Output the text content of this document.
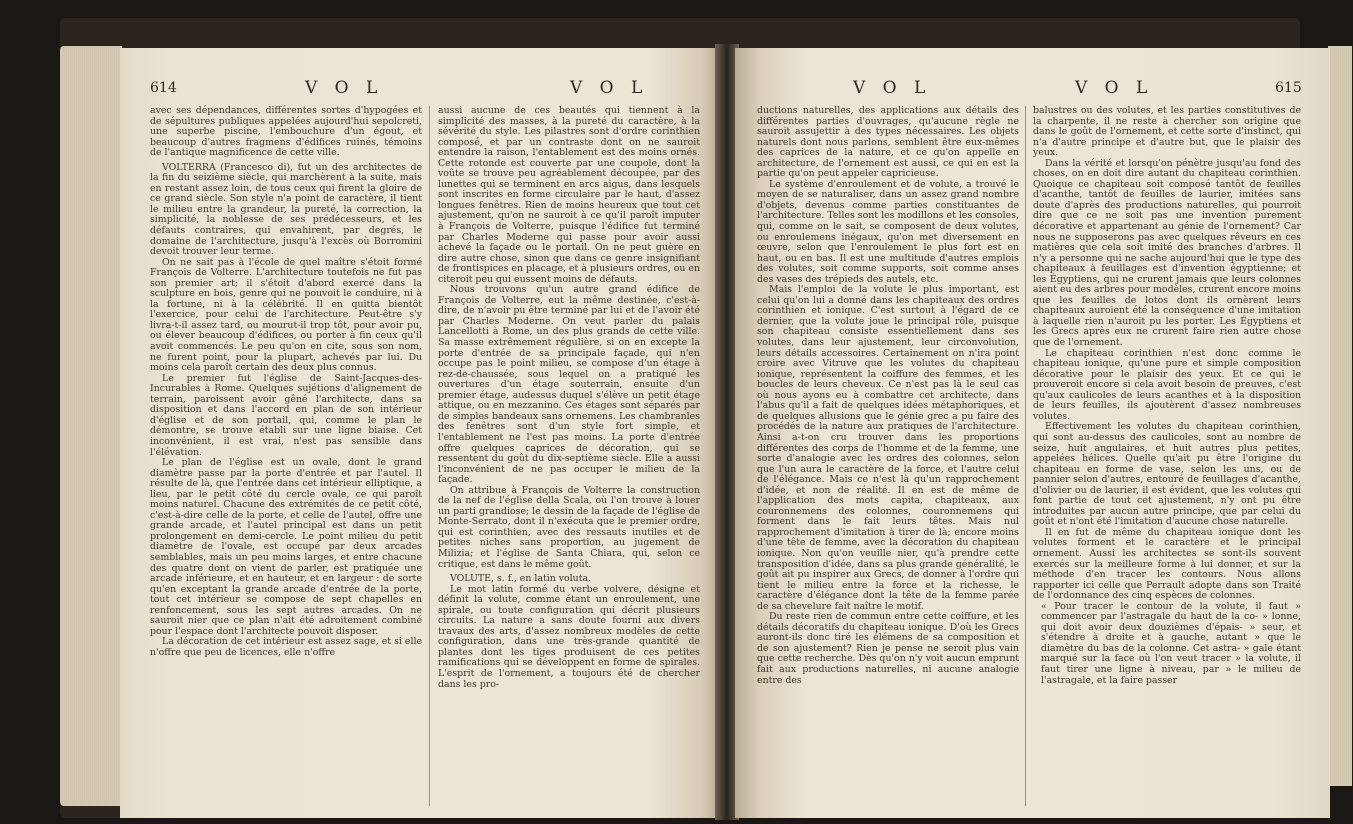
614	V O L	V O L

avec ses dépendances, différentes sortes d'hypogées et de sépultures publiques appelées aujourd'hui sepolcreti, une superbe piscine, l'embouchure d'un égout, et beaucoup d'autres fragmens d'édifices ruinés, témoins de l'antique magnificence de cette ville.

VOLTERRA (Francesco di), fut un des architectes de la fin du seizième siècle, qui marchèrent à la suite, mais en restant assez loin, de tous ceux qui firent la gloire de ce grand siècle. Son style n'a point de caractère, il tient le milieu entre la grandeur, la pureté, la correction, la simplicité, la noblesse de ses prédécesseurs, et les défauts contraires, qui envahirent, par degrés, le domaine de l'architecture, jusqu'à l'excès où Borromini devoit trouver leur terme.

On ne sait pas à l'école de quel maître s'étoit formé François de Volterre. L'architecture toutefois ne fut pas son premier art; il s'étoit d'abord exercé dans la sculpture en bois, genre qui ne pouvoit le conduire, ni à la fortune, ni à la célébrité. Il en quitta bientôt l'exercice, pour celui de l'architecture. Peut-être s'y livra-t-il assez tard, ou mourut-il trop tôt, pour avoir pu, ou élever beaucoup d'édifices, ou porter à fin ceux qu'il avoit commencés. Le peu qu'on en cite, sous son nom, ne furent point, pour la plupart, achevés par lui. Du moins cela paroît certain des deux plus connus.

Le premier fut l'église de Saint-Jacques-des-Incurables à Rome. Quelques sujétions d'alignement de terrain, paroissent avoir gêné l'architecte, dans sa disposition et dans l'accord en plan de son intérieur d'église et de son portail, qui, comme le plan le démontre, se trouve établi sur une ligne biaise. Cet inconvénient, il est vrai, n'est pas sensible dans l'élévation.

Le plan de l'église est un ovale, dont le grand diamètre passe par la porte d'entrée et par l'autel. Il résulte de là, que l'entrée dans cet intérieur elliptique, a lieu, par le petit côté du cercle ovale, ce qui paroît moins naturel. Chacune des extrémités de ce petit côté, c'est-à-dire celle de la porte, et celle de l'autel, offre une grande arcade, et l'autel principal est dans un petit prolongement en demi-cercle. Le point milieu du petit diamètre de l'ovale, est occupé par deux arcades semblables, mais un peu moins larges, et entre chacune des quatre dont on vient de parler, est pratiquée une arcade inférieure, et en hauteur, et en largeur : de sorte qu'en exceptant la grande arcade d'entrée de la porte, tout cet intérieur se compose de sept chapelles en renfoncement, sous les sept autres arcades. On ne sauroit nier que ce plan n'ait été adroitement combiné pour l'espace dont l'architecte pouvoit disposer.

La décoration de cet intérieur est assez sage, et si elle n'offre que peu de licences, elle n'offre

aussi aucune de ces beautés qui tiennent à la simplicité des masses, à la pureté du caractère, à la sévérité du style. Les pilastres sont d'ordre corinthien composé, et par un contraste dont on ne sauroit entendre la raison, l'entablement est des moins ornés. Cette rotonde est couverte par une coupole, dont la voûte se trouve peu agréablement découpée, par des lunettes qui se terminent en arcs aigus, dans lesquels sont inscrites en forme circulaire par le haut, d'assez longues fenêtres. Rien de moins heureux que tout cet ajustement, qu'on ne sauroit à ce qu'il paroît imputer à François de Volterre, puisque l'édifice fut terminé par Charles Moderne qui passe pour avoir aussi achevé la façade ou le portail. On ne peut guère en dire autre chose, sinon que dans ce genre insignifiant de frontispices en placage, et à plusieurs ordres, ou en citeroit peu qui eussent moins de défauts.

Nous trouvons qu'un autre grand édifice de François de Volterre, eut la même destinée, c'est-à-dire, de n'avoir pu être terminé par lui et de l'avoir été par Charles Moderne. On veut parler du palais Lancellotti à Rome, un des plus grands de cette ville. Sa masse extrêmement régulière, si on en excepte la porte d'entrée de sa principale façade, qui n'en occupe pas le point milieu, se compose d'un étage à rez-de-chaussée, sous lequel on a pratiqué les ouvertures d'un étage souterrain, ensuite d'un premier étage, audessus duquel s'élève un petit étage attique, ou en mezzanino. Ces étages sont séparés par de simples bandeaux sans ornemens. Les chambranles des fenêtres sont d'un style fort simple, et l'entablement ne l'est pas moins. La porte d'entrée offre quelques caprices de décoration, qui se ressentent du goût du dix-septième siècle. Elle a aussi l'inconvénient de ne pas occuper le milieu de la façade.

On attribue à François de Volterre la construction de la nef de l'église della Scala, où l'on trouve à louer un parti grandiose; le dessin de la façade de l'église de Monte-Serrato, dont il n'exécuta que le premier ordre, qui est corinthien, avec des ressauts inutiles et de petites niches sans proportion, au jugement de Milizia; et l'église de Santa Chiara, qui, selon ce critique, est dans le même goût.

VOLUTE, s. f., en latin voluta.

Le mot latin formé du verbe volvere, désigne et définit la volute, comme étant un enroulement, une spirale, ou toute configuration qui décrit plusieurs circuits. La nature a sans doute fourni aux divers travaux des arts, d'assez nombreux modèles de cette configuration, dans une très-grande quantité de plantes dont les tiges produisent de ces petites ramifications qui se développent en forme de spirales. L'esprit de l'ornement, a toujours été de chercher dans les pro-

V O L	V O L	615

ductions naturelles, des applications aux détails des différentes parties d'ouvrages, qu'aucune règle ne sauroit assujettir à des types nécessaires. Les objets naturels dont nous parlons, semblent être eux-mêmes des caprices de la nature, et ce qu'on appelle en architecture, de l'ornement est aussi, ce qui en est la partie qu'on peut appeler capricieuse.

Le système d'enroulement et de volute, a trouvé le moyen de se naturaliser, dans un assez grand nombre d'objets, devenus comme parties constituantes de l'architecture. Telles sont les modillons et les consoles, qui, comme on le sait, se composent de deux volutes, ou enroulemens inégaux, qu'on met diversement en œuvre, selon que l'enroulement le plus fort est en haut, ou en bas. Il est une multitude d'autres emplois des volutes, soit comme supports, soit comme anses des vases des trépieds des autels, etc.

Mais l'emploi de la volute le plus important, est celui qu'on lui a donné dans les chapiteaux des ordres corinthien et ionique. C'est surtout à l'égard de ce dernier, que la volute joue le principal rôle, puisque son chapiteau consiste essentiellement dans ses volutes, dans leur ajustement, leur circonvolution, leurs détails accessoires. Certainement on n'ira point croire avec Vitruve que les volutes du chapiteau ionique, représentent la coiffure des femmes, et les boucles de leurs cheveux. Ce n'est pas là le seul cas où nous ayons eu à combattre cet architecte, dans l'abus qu'il a fait de quelques idées métaphoriques, et de quelques allusions que le génie grec a pu faire des procédés de la nature aux pratiques de l'architecture. Ainsi a-t-on cru trouver dans les proportions différentes des corps de l'homme et de la femme, une sorte d'analogie avec les ordres des colonnes, selon que l'un aura le caractère de la force, et l'autre celui de l'élégance. Mais ce n'est là qu'un rapprochement d'idée, et non de réalité. Il en est de même de l'application des mots capita, chapiteaux, aux couronnemens des colonnes, couronnemens qui forment dans le fait leurs têtes. Mais nul rapprochement d'imitation à tirer de là; encore moins d'une tête de femme, avec la décoration du chapiteau ionique. Non qu'on veuille nier, qu'à prendre cette transposition d'idée, dans sa plus grande généralité, le goût ait pu inspirer aux Grecs, de donner à l'ordre qui tient le milieu entre la force et la richesse, le caractère d'élégance dont la tête de la femme parée de sa chevelure fait naître le motif.

Du reste rien de commun entre cette coiffure, et les détails décoratifs du chapiteau ionique. D'où les Grecs auront-ils donc tiré les élémens de sa composition et de son ajustement? Rien je pense ne seroit plus vain que cette recherche. Dès qu'on n'y voit aucun emprunt fait aux productions naturelles, ni aucune analogie entre des

balustres ou des volutes, et les parties constitutives de la charpente, il ne reste à chercher son origine que dans le goût de l'ornement, et cette sorte d'instinct, qui n'a d'autre principe et d'autre but, que le plaisir des yeux.

Dans la vérité et lorsqu'on pénètre jusqu'au fond des choses, on en doit dire autant du chapiteau corinthien. Quoique ce chapiteau soit composé tantôt de feuilles d'acanthe, tantôt de feuilles de laurier, imitées sans doute d'après des productions naturelles, qui pourroit dire que ce ne soit pas une invention purement décorative et appartenant au génie de l'ornement? Car nous ne supposerons pas avec quelques rêveurs en ces matières que cela soit imité des branches d'arbres. Il n'y a personne qui ne sache aujourd'hui que le type des chapiteaux à feuillages est d'invention égyptienne; et les Égyptiens, qui ne crurent jamais que leurs colonnes aient eu des arbres pour modèles, crurent encore moins que les feuilles de lotos dont ils ornèrent leurs chapiteaux auroient été la conséquence d'une imitation à laquelle rien n'auroit pu les porter. Les Égyptiens et les Grecs après eux ne crurent faire rien autre chose que de l'ornement.

Le chapiteau corinthien n'est donc comme le chapiteau ionique, qu'une pure et simple composition décorative pour le plaisir des yeux. Et ce qui le prouveroit encore si cela avoit besoin de preuves, c'est qu'aux caulicoles de leurs acanthes et à la disposition de leurs feuilles, ils ajoutèrent d'assez nombreuses volutes.

Effectivement les volutes du chapiteau corinthien, qui sont au-dessus des caulicoles, sont au nombre de seize, huit angulaires, et huit autres plus petites, appelées hélices. Quelle qu'ait pu être l'origine du chapiteau en forme de vase, selon les uns, ou de pannier selon d'autres, entouré de feuillages d'acanthe, d'olivier ou de laurier, il est évident, que les volutes qui font partie de tout cet ajustement, n'y ont pu être introduites par aucun autre principe, que par celui du goût et n'ont été l'imitation d'aucune chose naturelle.

Il en fut de même du chapiteau ionique dont les volutes forment et le caractère et le principal ornement. Aussi les architectes se sont-ils souvent exercés sur la meilleure forme à lui donner, et sur la méthode d'en tracer les contours. Nous allons rapporter ici celle que Perrault adopte dans son Traité de l'ordonnance des cinq espèces de colonnes.

« Pour tracer le contour de la volute, il faut » commencer par l'astragale du haut de la co- » lonne, qui doit avoir deux douzièmes d'épais- » seur, et s'étendre à droite et à gauche, autant » que le diamètre du bas de la colonne. Cet astra- » gale étant marqué sur la face où l'on veut tracer » la volute, il faut tirer une ligne à niveau, par » le milieu de l'astragale, et la faire passer
